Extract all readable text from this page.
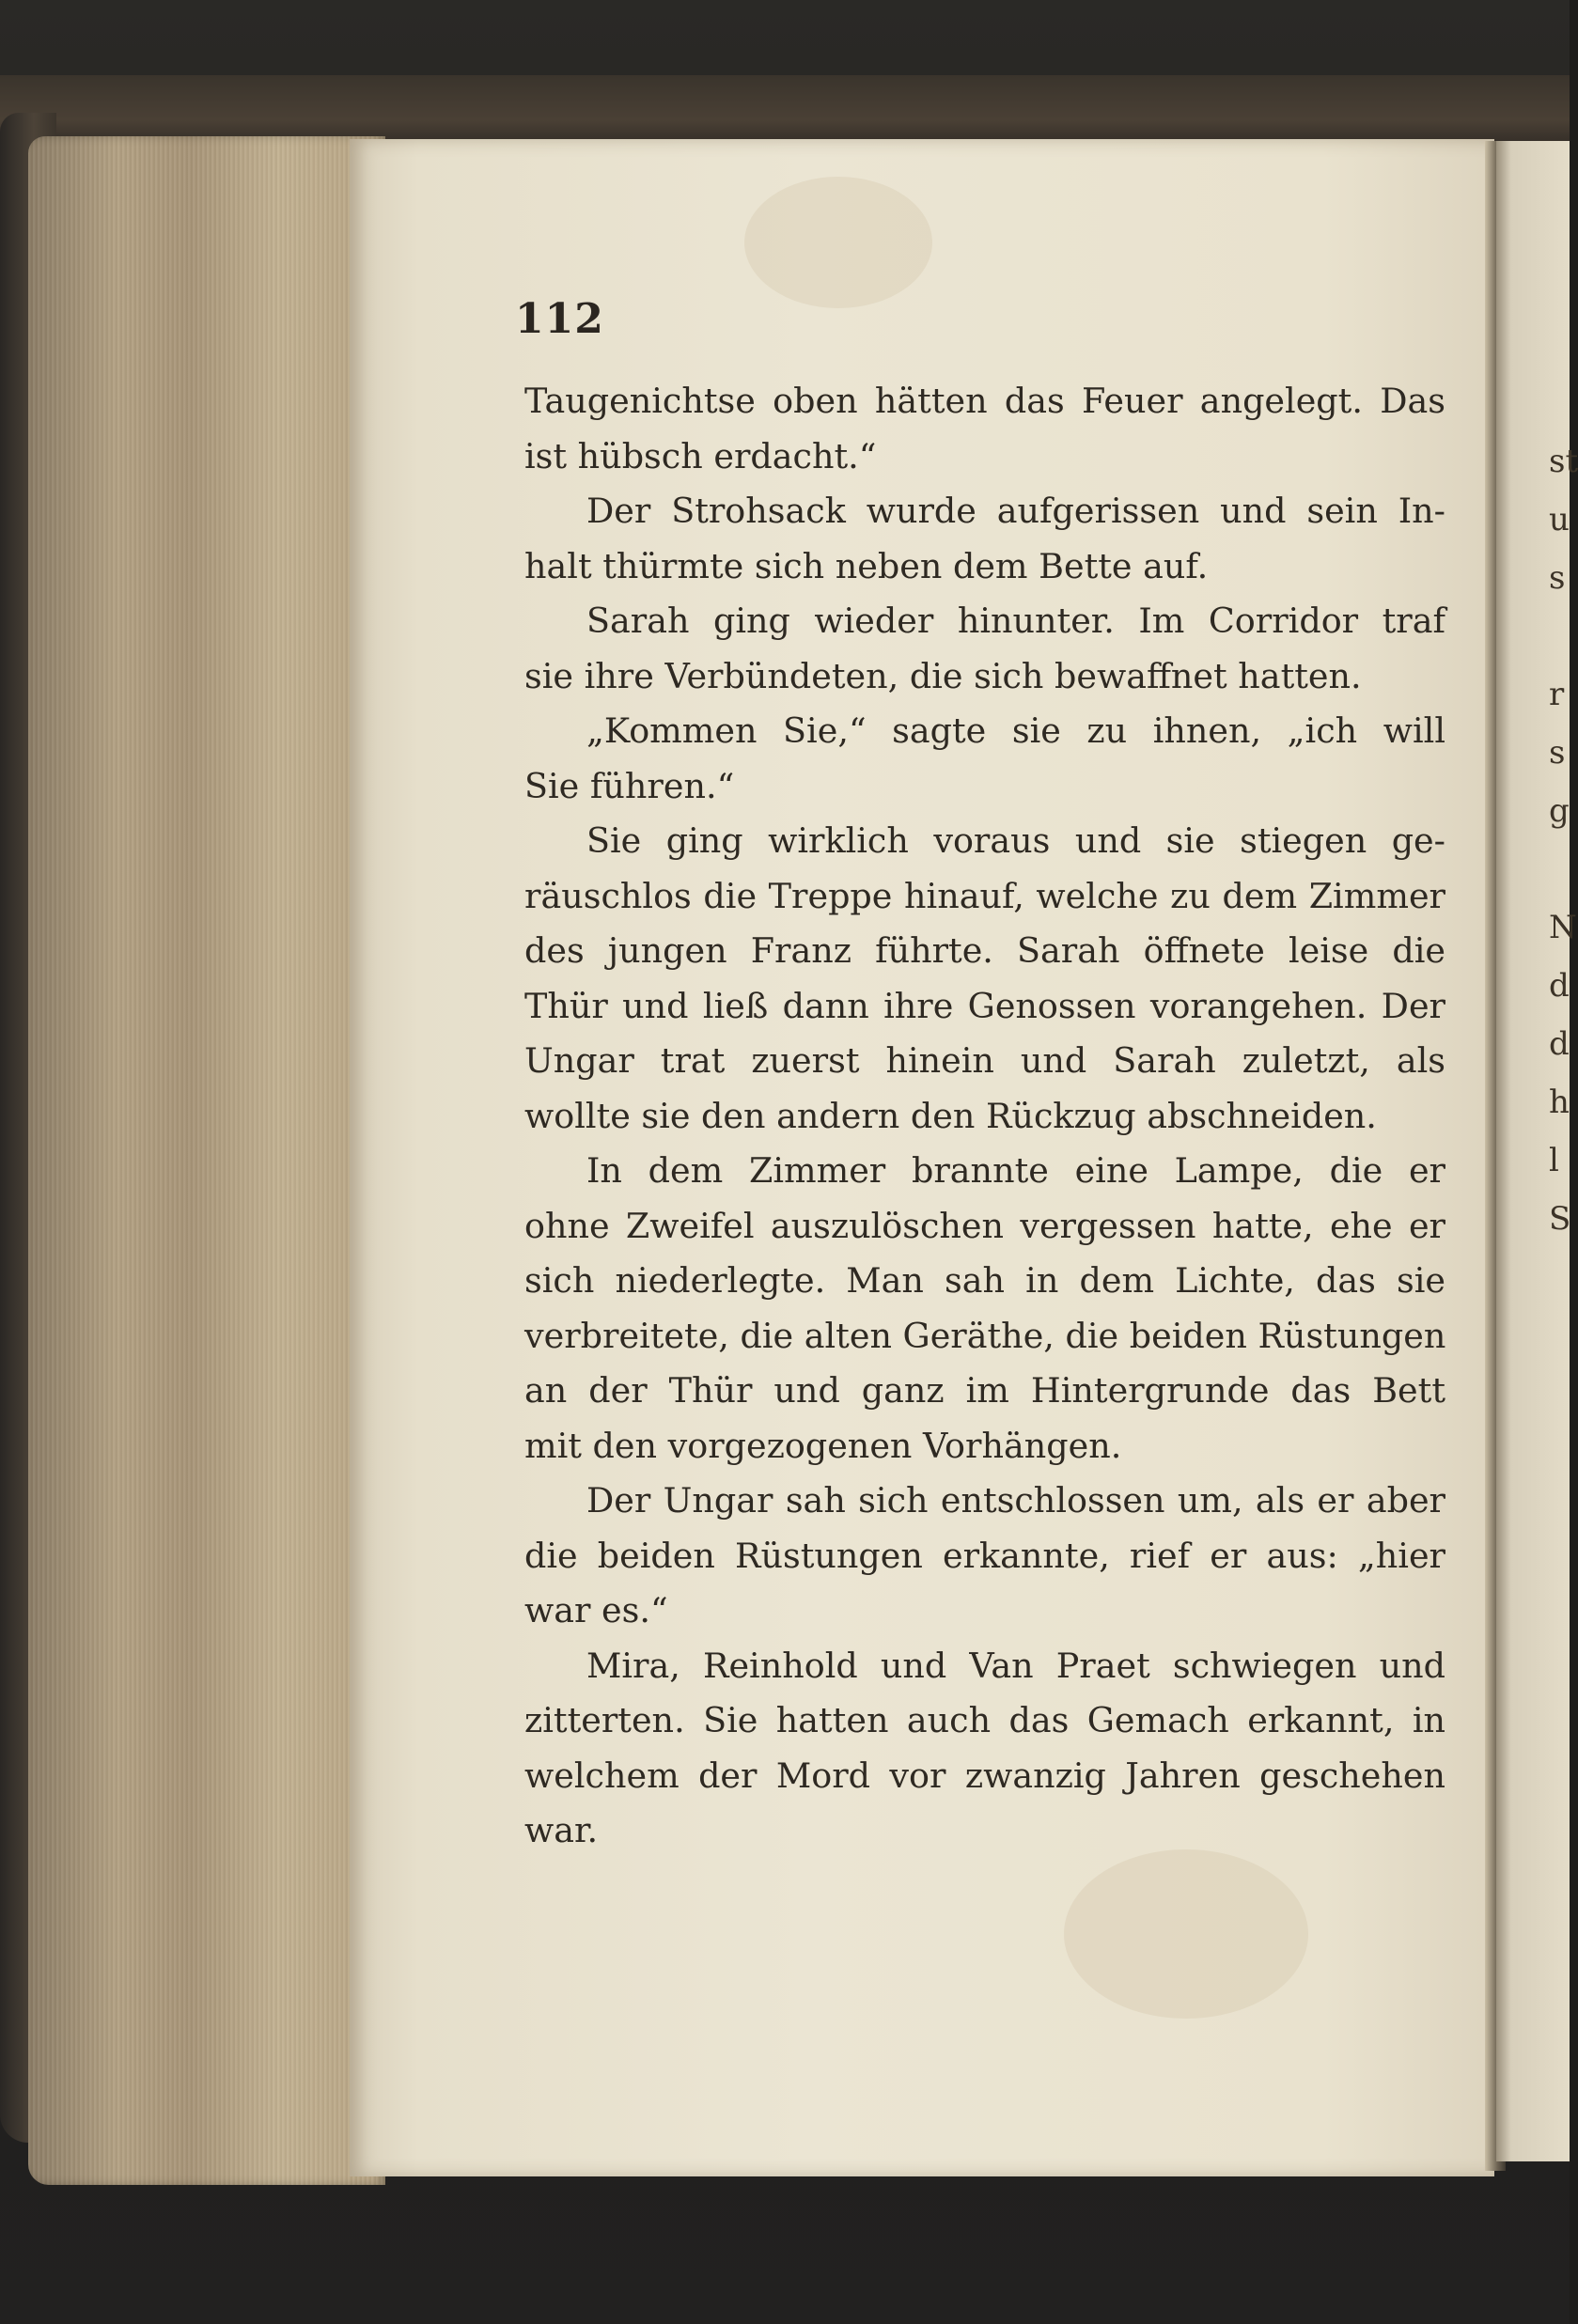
st
u
s
r
s
g
N
d
d
h
l
S
112
Taugenichtse oben hätten das Feuer angelegt. Das
ist hübsch erdacht.“
Der Strohsack wurde aufgerissen und sein In-
halt thürmte sich neben dem Bette auf.
Sarah ging wieder hinunter. Im Corridor traf
sie ihre Verbündeten, die sich bewaffnet hatten.
„Kommen Sie,“ sagte sie zu ihnen, „ich will
Sie führen.“
Sie ging wirklich voraus und sie stiegen ge-
räuschlos die Treppe hinauf, welche zu dem Zimmer
des jungen Franz führte. Sarah öffnete leise die
Thür und ließ dann ihre Genossen vorangehen. Der
Ungar trat zuerst hinein und Sarah zuletzt, als
wollte sie den andern den Rückzug abschneiden.
In dem Zimmer brannte eine Lampe, die er
ohne Zweifel auszulöschen vergessen hatte, ehe er
sich niederlegte. Man sah in dem Lichte, das sie
verbreitete, die alten Geräthe, die beiden Rüstungen
an der Thür und ganz im Hintergrunde das Bett
mit den vorgezogenen Vorhängen.
Der Ungar sah sich entschlossen um, als er aber
die beiden Rüstungen erkannte, rief er aus: „hier
war es.“
Mira, Reinhold und Van Praet schwiegen und
zitterten. Sie hatten auch das Gemach erkannt, in
welchem der Mord vor zwanzig Jahren geschehen
war.
